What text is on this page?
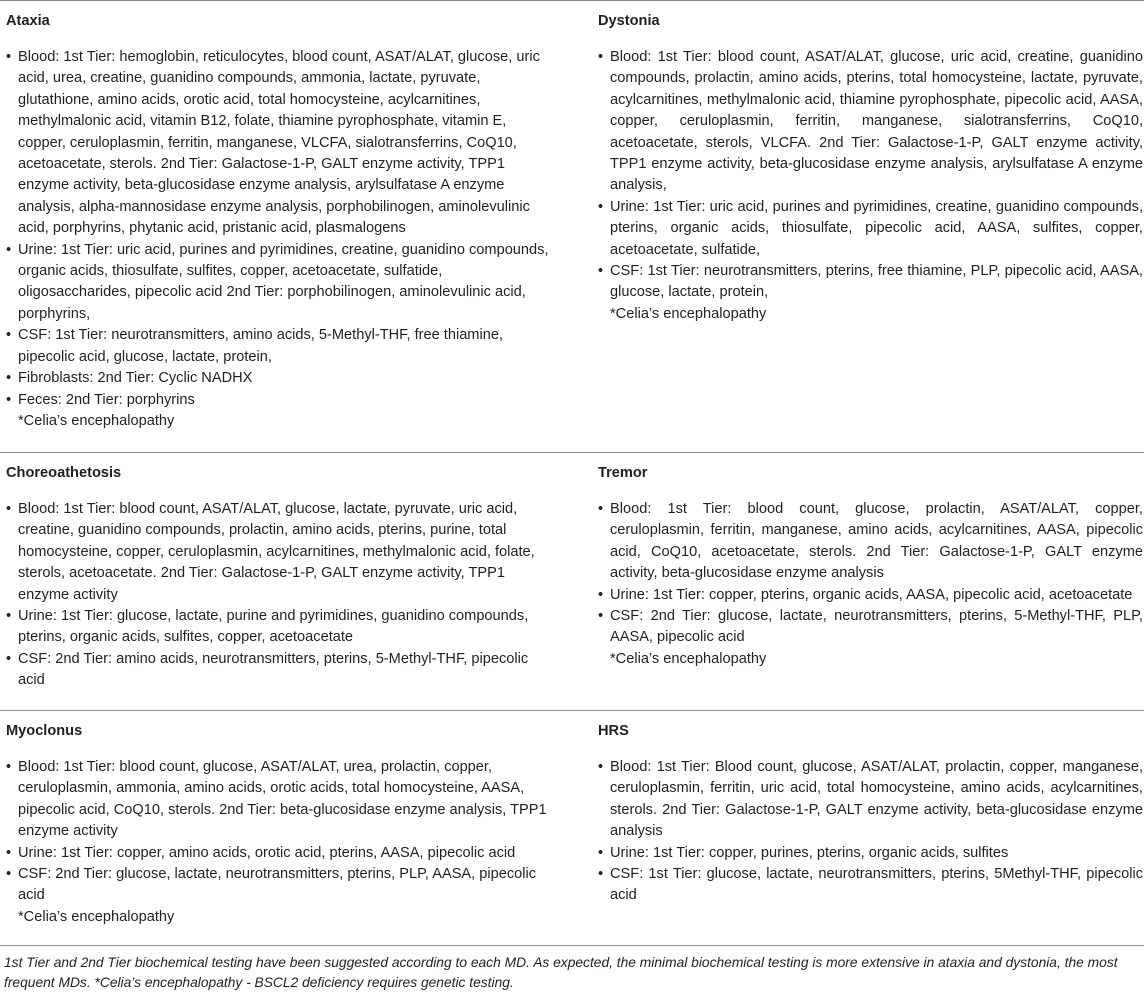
Ataxia
• Blood: 1st Tier: hemoglobin, reticulocytes, blood count, ASAT/ALAT, glucose, uric acid, urea, creatine, guanidino compounds, ammonia, lactate, pyruvate, glutathione, amino acids, orotic acid, total homocysteine, acylcarnitines, methylmalonic acid, vitamin B12, folate, thiamine pyrophosphate, vitamin E, copper, ceruloplasmin, ferritin, manganese, VLCFA, sialotransferrins, CoQ10, acetoacetate, sterols. 2nd Tier: Galactose-1-P, GALT enzyme activity, TPP1 enzyme activity, beta-glucosidase enzyme analysis, arylsulfatase A enzyme analysis, alpha-mannosidase enzyme analysis, porphobilinogen, aminolevulinic acid, porphyrins, phytanic acid, pristanic acid, plasmalogens
• Urine: 1st Tier: uric acid, purines and pyrimidines, creatine, guanidino compounds, organic acids, thiosulfate, sulfites, copper, acetoacetate, sulfatide, oligosaccharides, pipecolic acid 2nd Tier: porphobilinogen, aminolevulinic acid, porphyrins,
• CSF: 1st Tier: neurotransmitters, amino acids, 5-Methyl-THF, free thiamine, pipecolic acid, glucose, lactate, protein,
• Fibroblasts: 2nd Tier: Cyclic NADHX
• Feces: 2nd Tier: porphyrins
*Celia’s encephalopathy
Dystonia
• Blood: 1st Tier: blood count, ASAT/ALAT, glucose, uric acid, creatine, guanidino compounds, prolactin, amino acids, pterins, total homocysteine, lactate, pyruvate, acylcarnitines, methylmalonic acid, thiamine pyrophosphate, pipecolic acid, AASA, copper, ceruloplasmin, ferritin, manganese, sialotransferrins, CoQ10, acetoacetate, sterols, VLCFA. 2nd Tier: Galactose-1-P, GALT enzyme activity, TPP1 enzyme activity, beta-glucosidase enzyme analysis, arylsulfatase A enzyme analysis,
• Urine: 1st Tier: uric acid, purines and pyrimidines, creatine, guanidino compounds, pterins, organic acids, thiosulfate, pipecolic acid, AASA, sulfites, copper, acetoacetate, sulfatide,
• CSF: 1st Tier: neurotransmitters, pterins, free thiamine, PLP, pipecolic acid, AASA, glucose, lactate, protein,
*Celia’s encephalopathy
Choreoathetosis
• Blood: 1st Tier: blood count, ASAT/ALAT, glucose, lactate, pyruvate, uric acid, creatine, guanidino compounds, prolactin, amino acids, pterins, purine, total homocysteine, copper, ceruloplasmin, acylcarnitines, methylmalonic acid, folate, sterols, acetoacetate. 2nd Tier: Galactose-1-P, GALT enzyme activity, TPP1 enzyme activity
• Urine: 1st Tier: glucose, lactate, purine and pyrimidines, guanidino compounds, pterins, organic acids, sulfites, copper, acetoacetate
• CSF: 2nd Tier: amino acids, neurotransmitters, pterins, 5-Methyl-THF, pipecolic acid
Tremor
• Blood: 1st Tier: blood count, glucose, prolactin, ASAT/ALAT, copper, ceruloplasmin, ferritin, manganese, amino acids, acylcarnitines, AASA, pipecolic acid, CoQ10, acetoacetate, sterols. 2nd Tier: Galactose-1-P, GALT enzyme activity, beta-glucosidase enzyme analysis
• Urine: 1st Tier: copper, pterins, organic acids, AASA, pipecolic acid, acetoacetate
• CSF: 2nd Tier: glucose, lactate, neurotransmitters, pterins, 5-Methyl-THF, PLP, AASA, pipecolic acid
*Celia’s encephalopathy
Myoclonus
• Blood: 1st Tier: blood count, glucose, ASAT/ALAT, urea, prolactin, copper, ceruloplasmin, ammonia, amino acids, orotic acids, total homocysteine, AASA, pipecolic acid, CoQ10, sterols. 2nd Tier: beta-glucosidase enzyme analysis, TPP1 enzyme activity
• Urine: 1st Tier: copper, amino acids, orotic acid, pterins, AASA, pipecolic acid
• CSF: 2nd Tier: glucose, lactate, neurotransmitters, pterins, PLP, AASA, pipecolic acid
*Celia’s encephalopathy
HRS
• Blood: 1st Tier: Blood count, glucose, ASAT/ALAT, prolactin, copper, manganese, ceruloplasmin, ferritin, uric acid, total homocysteine, amino acids, acylcarnitines, sterols. 2nd Tier: Galactose-1-P, GALT enzyme activity, beta-glucosidase enzyme analysis
• Urine: 1st Tier: copper, purines, pterins, organic acids, sulfites
• CSF: 1st Tier: glucose, lactate, neurotransmitters, pterins, 5Methyl-THF, pipecolic acid
1st Tier and 2nd Tier biochemical testing have been suggested according to each MD. As expected, the minimal biochemical testing is more extensive in ataxia and dystonia, the most frequent MDs. *Celia’s encephalopathy - BSCL2 deficiency requires genetic testing.
